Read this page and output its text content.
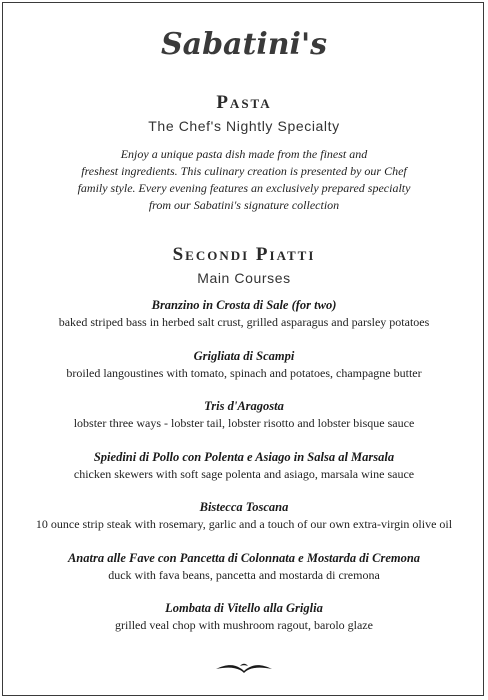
Sabatini's
Pasta
The Chef's Nightly Specialty
Enjoy a unique pasta dish made from the finest and
freshest ingredients. This culinary creation is presented by our Chef
family style. Every evening features an exclusively prepared specialty
from our Sabatini's signature collection
Secondi Piatti
Main Courses
Branzino in Crosta di Sale (for two)
baked striped bass in herbed salt crust, grilled asparagus and parsley potatoes
Grigliata di Scampi
broiled langoustines with tomato, spinach and potatoes, champagne butter
Tris d'Aragosta
lobster three ways - lobster tail, lobster risotto and lobster bisque sauce
Spiedini di Pollo con Polenta e Asiago in Salsa al Marsala
chicken skewers with soft sage polenta and asiago, marsala wine sauce
Bistecca Toscana
10 ounce strip steak with rosemary, garlic and a touch of our own extra-virgin olive oil
Anatra alle Fave con Pancetta di Colonnata e Mostarda di Cremona
duck with fava beans, pancetta and mostarda di cremona
Lombata di Vitello alla Griglia
grilled veal chop with mushroom ragout, barolo glaze
